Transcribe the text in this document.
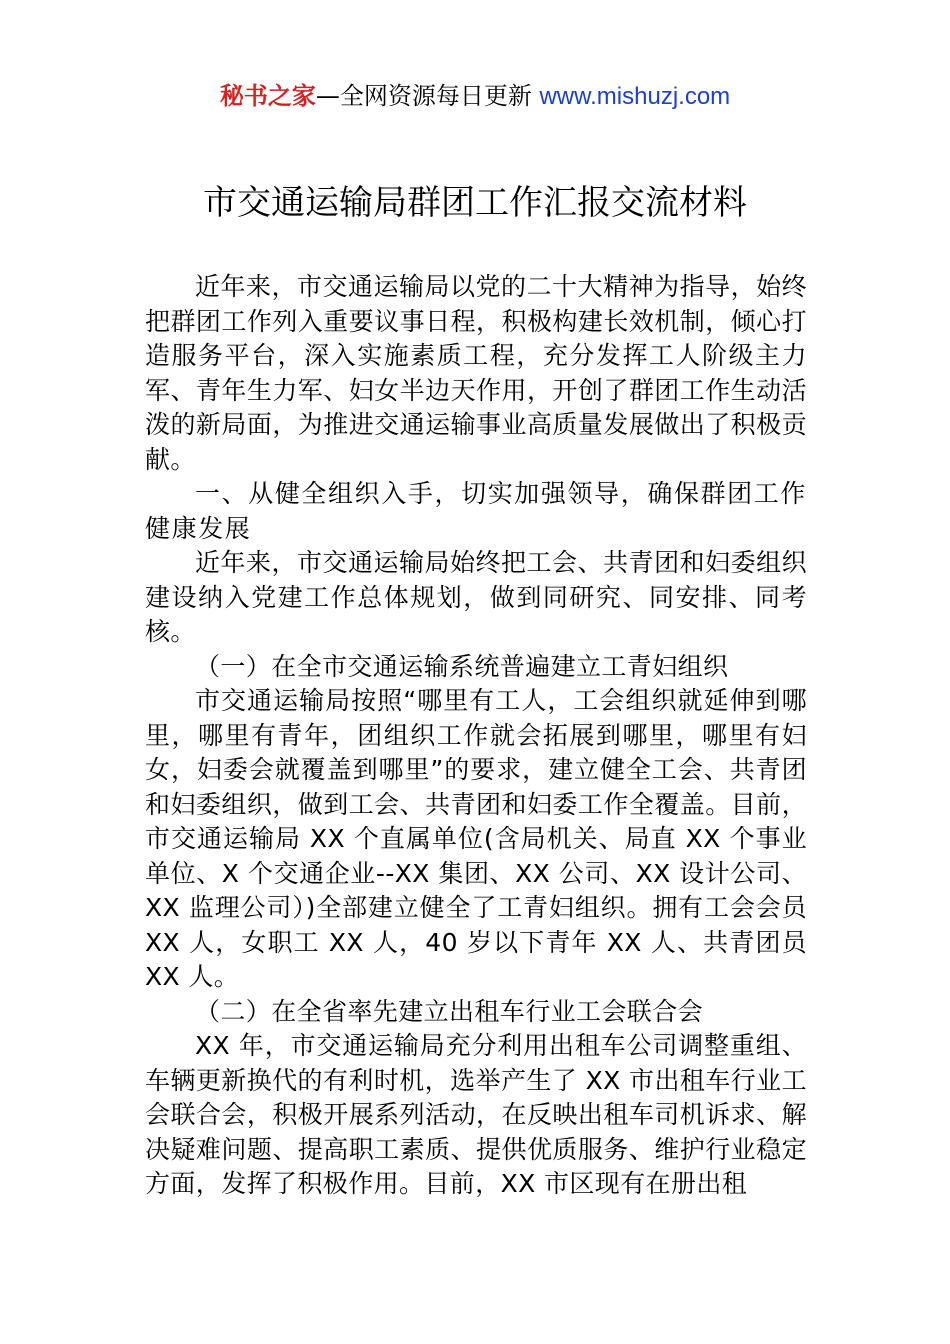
秘书之家—全网资源每日更新 www.mishuzj.com
市交通运输局群团工作汇报交流材料

近年来，市交通运输局以党的二十大精神为指导，始终把群团工作列入重要议事日程，积极构建长效机制，倾心打造服务平台，深入实施素质工程，充分发挥工人阶级主力军、青年生力军、妇女半边天作用，开创了群团工作生动活泼的新局面，为推进交通运输事业高质量发展做出了积极贡献。

一、从健全组织入手，切实加强领导，确保群团工作健康发展

近年来，市交通运输局始终把工会、共青团和妇委组织建设纳入党建工作总体规划，做到同研究、同安排、同考核。

（一）在全市交通运输系统普遍建立工青妇组织

市交通运输局按照“哪里有工人，工会组织就延伸到哪里，哪里有青年，团组织工作就会拓展到哪里，哪里有妇女，妇委会就覆盖到哪里”的要求，建立健全工会、共青团和妇委组织，做到工会、共青团和妇委工作全覆盖。目前，市交通运输局 XX 个直属单位(含局机关、局直 XX 个事业单位、X 个交通企业--XX 集团、XX 公司、XX 设计公司、XX 监理公司）)全部建立健全了工青妇组织。拥有工会会员 XX 人，女职工 XX 人，40 岁以下青年 XX 人、共青团员 XX 人。

（二）在全省率先建立出租车行业工会联合会

XX 年，市交通运输局充分利用出租车公司调整重组、车辆更新换代的有利时机，选举产生了 XX 市出租车行业工会联合会，积极开展系列活动，在反映出租车司机诉求、解决疑难问题、提高职工素质、提供优质服务、维护行业稳定方面，发挥了积极作用。目前，XX 市区现有在册出租
